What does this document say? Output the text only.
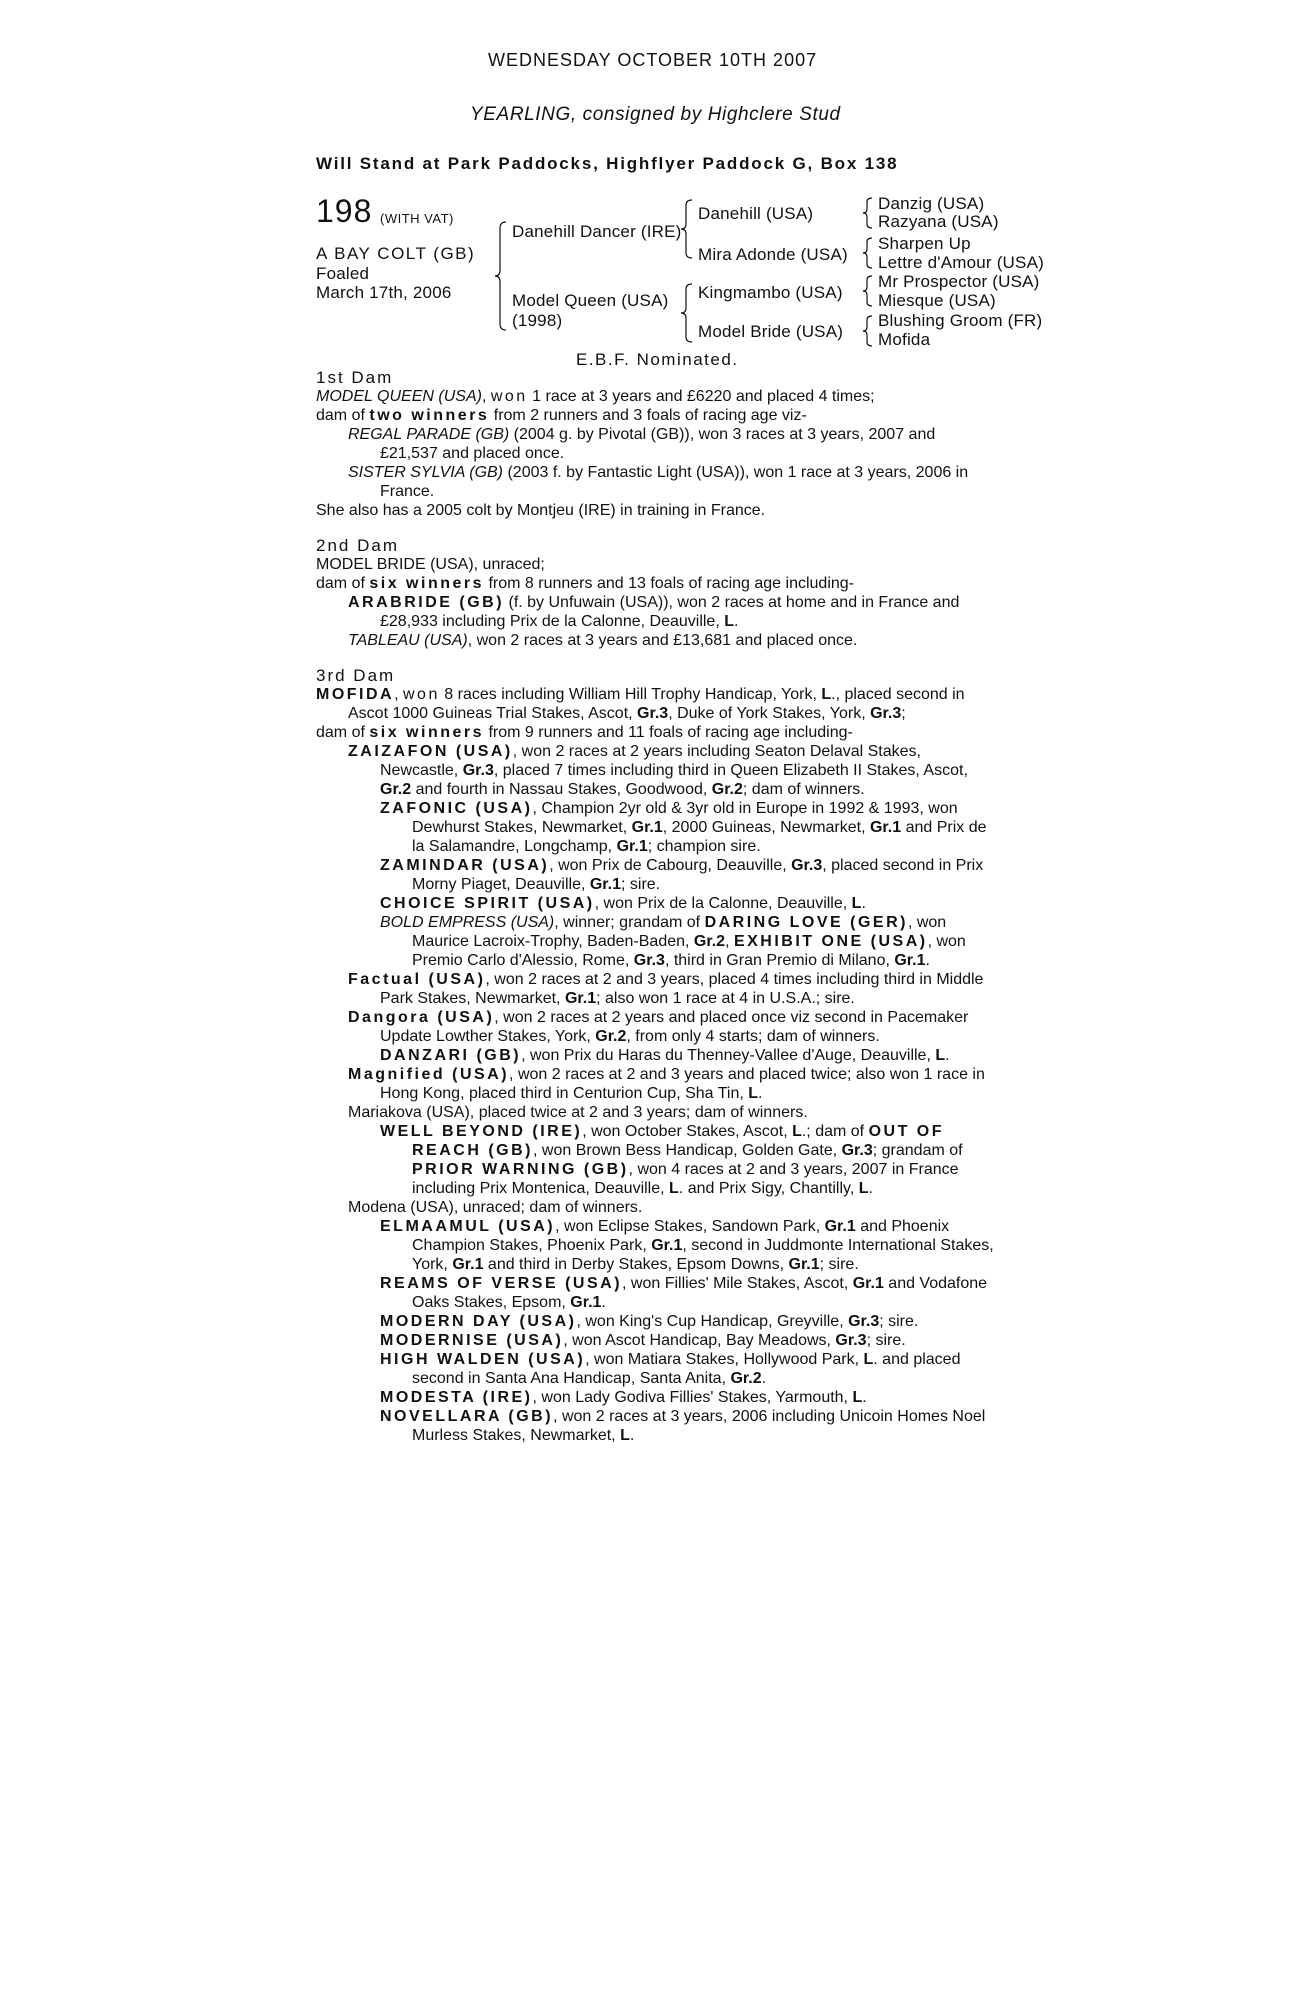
WEDNESDAY OCTOBER 10TH 2007
YEARLING, consigned by Highclere Stud
Will Stand at Park Paddocks, Highflyer Paddock G, Box 138
198 (WITH VAT)
A BAY COLT (GB)
Foaled
March 17th, 2006
Danehill Dancer (IRE)
Model Queen (USA)
(1998)
Danehill (USA)
Mira Adonde (USA)
Kingmambo (USA)
Model Bride (USA)
Danzig (USA)
Razyana (USA)
Sharpen Up
Lettre d'Amour (USA)
Mr Prospector (USA)
Miesque (USA)
Blushing Groom (FR)
Mofida
E.B.F. Nominated.

1st Dam

MODEL QUEEN (USA), won 1 race at 3 years and £6220 and placed 4 times;

dam of two winners from 2 runners and 3 foals of racing age viz-

REGAL PARADE (GB) (2004 g. by Pivotal (GB)), won 3 races at 3 years, 2007 and £21,537 and placed once.

SISTER SYLVIA (GB) (2003 f. by Fantastic Light (USA)), won 1 race at 3 years, 2006 in France.

She also has a 2005 colt by Montjeu (IRE) in training in France.

2nd Dam

MODEL BRIDE (USA), unraced;

dam of six winners from 8 runners and 13 foals of racing age including-

ARABRIDE (GB) (f. by Unfuwain (USA)), won 2 races at home and in France and £28,933 including Prix de la Calonne, Deauville, L.

TABLEAU (USA), won 2 races at 3 years and £13,681 and placed once.

3rd Dam

MOFIDA, won 8 races including William Hill Trophy Handicap, York, L., placed second in Ascot 1000 Guineas Trial Stakes, Ascot, Gr.3, Duke of York Stakes, York, Gr.3;

dam of six winners from 9 runners and 11 foals of racing age including-

ZAIZAFON (USA), won 2 races at 2 years including Seaton Delaval Stakes, Newcastle, Gr.3, placed 7 times including third in Queen Elizabeth II Stakes, Ascot, Gr.2 and fourth in Nassau Stakes, Goodwood, Gr.2; dam of winners.

ZAFONIC (USA), Champion 2yr old & 3yr old in Europe in 1992 & 1993, won Dewhurst Stakes, Newmarket, Gr.1, 2000 Guineas, Newmarket, Gr.1 and Prix de la Salamandre, Longchamp, Gr.1; champion sire.

ZAMINDAR (USA), won Prix de Cabourg, Deauville, Gr.3, placed second in Prix Morny Piaget, Deauville, Gr.1; sire.

CHOICE SPIRIT (USA), won Prix de la Calonne, Deauville, L.

BOLD EMPRESS (USA), winner; grandam of DARING LOVE (GER), won Maurice Lacroix-Trophy, Baden-Baden, Gr.2, EXHIBIT ONE (USA), won Premio Carlo d'Alessio, Rome, Gr.3, third in Gran Premio di Milano, Gr.1.

Factual (USA), won 2 races at 2 and 3 years, placed 4 times including third in Middle Park Stakes, Newmarket, Gr.1; also won 1 race at 4 in U.S.A.; sire.

Dangora (USA), won 2 races at 2 years and placed once viz second in Pacemaker Update Lowther Stakes, York, Gr.2, from only 4 starts; dam of winners.

DANZARI (GB), won Prix du Haras du Thenney-Vallee d'Auge, Deauville, L.

Magnified (USA), won 2 races at 2 and 3 years and placed twice; also won 1 race in Hong Kong, placed third in Centurion Cup, Sha Tin, L.

Mariakova (USA), placed twice at 2 and 3 years; dam of winners.

WELL BEYOND (IRE), won October Stakes, Ascot, L.; dam of OUT OF REACH (GB), won Brown Bess Handicap, Golden Gate, Gr.3; grandam of PRIOR WARNING (GB), won 4 races at 2 and 3 years, 2007 in France including Prix Montenica, Deauville, L. and Prix Sigy, Chantilly, L.

Modena (USA), unraced; dam of winners.

ELMAAMUL (USA), won Eclipse Stakes, Sandown Park, Gr.1 and Phoenix Champion Stakes, Phoenix Park, Gr.1, second in Juddmonte International Stakes, York, Gr.1 and third in Derby Stakes, Epsom Downs, Gr.1; sire.

REAMS OF VERSE (USA), won Fillies' Mile Stakes, Ascot, Gr.1 and Vodafone Oaks Stakes, Epsom, Gr.1.

MODERN DAY (USA), won King's Cup Handicap, Greyville, Gr.3; sire.

MODERNISE (USA), won Ascot Handicap, Bay Meadows, Gr.3; sire.

HIGH WALDEN (USA), won Matiara Stakes, Hollywood Park, L. and placed second in Santa Ana Handicap, Santa Anita, Gr.2.

MODESTA (IRE), won Lady Godiva Fillies' Stakes, Yarmouth, L.

NOVELLARA (GB), won 2 races at 3 years, 2006 including Unicoin Homes Noel Murless Stakes, Newmarket, L.
